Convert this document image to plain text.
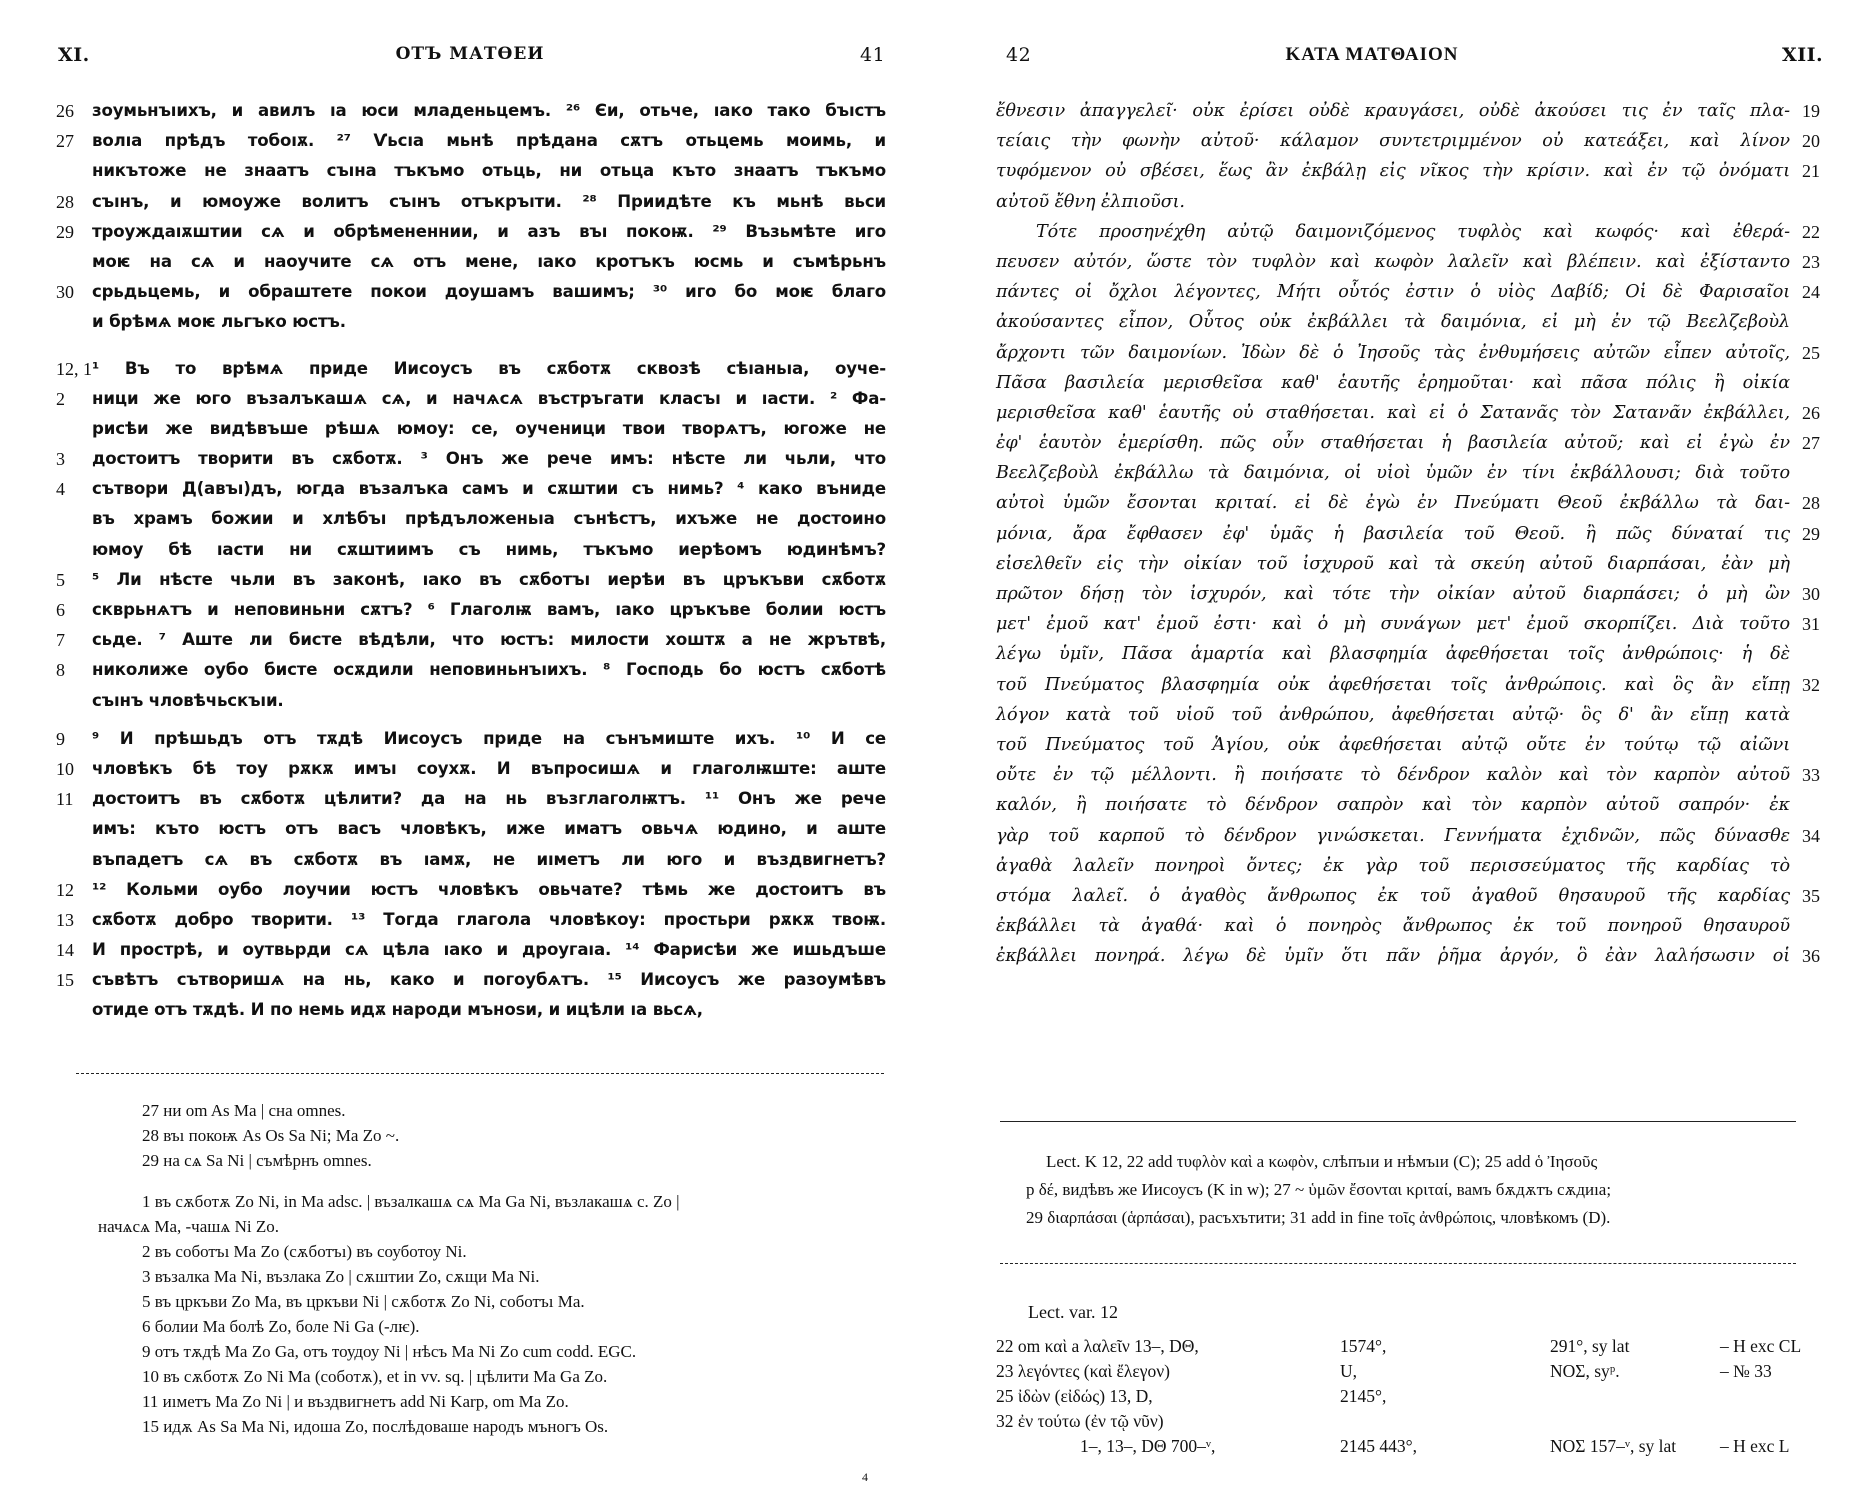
XI.	ОТЪ МАТѲЕИ	41
26	зоумьнъıихъ, и авилъ ıа юси младеньцемъ. ²⁶ Єи, отьче, ıако тако бъıстъ
27	волıа прѣдъ тобоıѫ. ²⁷ Ѵьсıа мьнѣ прѣдана сѫтъ отьцемь моимь, и
никътоже не знаатъ съıна тъкъмо отьць, ни отьца къто знаатъ тъкъмо
28	съıнъ, и юмоуже волитъ съıнъ отъкръıти. ²⁸ Приидѣте къ мьнѣ вьси
29	троуждаıѫштии сѧ и обрѣмененнии, и азъ въı покоѭ. ²⁹ Възьмѣте иго
моѥ на сѧ и наоучите сѧ отъ мене, ıако кротъкъ юсмь и съмѣрьнъ
30	срьдьцемь, и обраштете покои доушамъ вашимъ; ³⁰ иго бо моѥ благо
и брѣмѧ моѥ льгъко юстъ.
12, 1 ¹ Въ то врѣмѧ приде Иисоусъ въ сѫботѫ сквозѣ сѣıаньıа, оучe-
2	ници же юго възалъкашѧ сѧ, и начѧсѧ въстръгати класъı и ıасти. ² Фа-
рисѣи же видѣвъше рѣшѧ юмоу: се, оученици твои творѧтъ, югоже не
3	достоитъ творити въ сѫботѫ. ³ Онъ же рече имъ: нѣсте ли чьли, что
4	сътвори Д(авъı)дъ, югда възалъка самъ и сѫштии съ нимь? ⁴ како вънидe
въ храмъ божии и хлѣбъı прѣдъложеньıа сънѣстъ, ихъже не достоино
юмоу бѣ ıасти ни сѫштиимъ съ нимь, тъкъмо иерѣомъ юдинѣмъ?
5	⁵ Ли нѣсте чьли въ законѣ, ıако въ сѫботъı иерѣи въ цръкъви сѫботѫ
6	скврьнѧтъ и неповиньни сѫтъ? ⁶ Глаголѭ вамъ, ıако цръкъве болии юстъ
7	сьде. ⁷ Аште ли бисте вѣдѣли, что юстъ: милости хоштѫ а не жрътвѣ,
8	николиже оубо бисте осѫдили неповиньнъıихъ. ⁸ Господь бо юстъ сѫботѣ
съıнъ чловѣчьскъıи.
9	⁹ И прѣшьдъ отъ тѫдѣ Иисоусъ приде на сънъмиште ихъ. ¹⁰ И се
10	чловѣкъ бѣ тоу рѫкѫ имъı соухѫ. И въпросишѧ и глаголѭште: аште
11	достоитъ въ сѫботѫ цѣлити? да на нь възглаголѭтъ. ¹¹ Онъ же рече
имъ: къто юстъ отъ васъ чловѣкъ, иже иматъ овьчѧ юдино, и аште
въпадетъ сѧ въ сѫботѫ въ ıамѫ, не иıметъ ли юго и въздвигнетъ?
12	¹² Кольми оубо лоучии юстъ чловѣкъ овьчате? тѣмь же достоитъ въ
13	сѫботѫ добро творити. ¹³ Тогда глагола чловѣкоу: простьри рѫкѫ твоѭ.
14	И прострѣ, и оутвьрди сѧ цѣла ıако и дроугаıа. ¹⁴ Фарисѣи же ишьдъше
15	съвѣтъ сътворишѧ на нь, како и погоубѧтъ. ¹⁵ Иисоусъ же разоумѣвъ
отиде отъ тѫдѣ. И по немь идѫ народи мъноѕи, и ицѣли ıа вьсѧ,
27 ни om As Ma | сна omnes.
28 въı покоѭ As Os Sa Ni; Ma Zo ~.
29 на сѧ Sa Ni | съмѣрнъ omnes.
1 въ сѫботѫ Zo Ni, in Ma adsc. | възалкашѧ сѧ Ma Ga Ni, възлакашѧ с. Zo |
начѧсѧ Ma, -чашѧ Ni Zo.
2 въ соботъı Ma Zo (сѫботъı) въ соуботоу Ni.
3 възалка Ma Ni, възлака Zo | сѫштии Zo, сѫщи Ma Ni.
5 въ цркъви Zo Ma, въ цркъви Ni | сѫботѫ Zo Ni, соботъı Ma.
6 болии Ma болѣ Zo, боле Ni Ga (-лѥ).
9 отъ тѫдѣ Ma Zo Ga, отъ тоудоу Ni | нѣсъ Ma Ni Zo cum codd. EGC.
10 въ сѫботѫ Zo Ni Ma (соботѫ), et in vv. sq. | цѣлити Ma Ga Zo.
11 иıметъ Ma Zo Ni | и въздвигнетъ add Ni Karp, om Ma Zo.
15 идѫ As Sa Ma Ni, идоша Zo, послѣдоваше народъ мъногъ Os.
4
42	ΚΑΤΑ ΜΑΤΘΑΙΟΝ	XII.
ἔθνεσιν ἀπαγγελεῖ· οὐκ ἐρίσει οὐδὲ κραυγάσει, οὐδὲ ἀκούσει τις ἐν ταῖς πλα- 19
τείαις τὴν φωνὴν αὐτοῦ· κάλαμον συντετριμμένον οὐ κατεάξει, καὶ λίνον 20
τυφόμενον οὐ σβέσει, ἕως ἂν ἐκβάλῃ εἰς νῖκος τὴν κρίσιν. καὶ ἐν τῷ ὀνόματι 21
αὐτοῦ ἔθνη ἐλπιοῦσι.
Τότε προσηνέχθη αὐτῷ δαιμονιζόμενος τυφλὸς καὶ κωφός· καὶ ἐθερά- 22
πευσεν αὐτόν, ὥστε τὸν τυφλὸν καὶ κωφὸν λαλεῖν καὶ βλέπειν. καὶ ἐξίσταντο 23
πάντες οἱ ὄχλοι λέγοντες, Μήτι οὗτός ἐστιν ὁ υἱὸς Δαβίδ; Οἱ δὲ Φαρισαῖοι 24
ἀκούσαντες εἶπον, Οὗτος οὐκ ἐκβάλλει τὰ δαιμόνια, εἰ μὴ ἐν τῷ Βεελζεβοὺλ
ἄρχοντι τῶν δαιμονίων. Ἰδὼν δὲ ὁ Ἰησοῦς τὰς ἐνθυμήσεις αὐτῶν εἶπεν αὐτοῖς, 25
Πᾶσα βασιλεία μερισθεῖσα καθ' ἑαυτῆς ἐρημοῦται· καὶ πᾶσα πόλις ἢ οἰκία
μερισθεῖσα καθ' ἑαυτῆς οὐ σταθήσεται. καὶ εἰ ὁ Σατανᾶς τὸν Σατανᾶν ἐκβάλλει, 26
ἐφ' ἑαυτὸν ἐμερίσθη. πῶς οὖν σταθήσεται ἡ βασιλεία αὐτοῦ; καὶ εἰ ἐγὼ ἐν 27
Βεελζεβοὺλ ἐκβάλλω τὰ δαιμόνια, οἱ υἱοὶ ὑμῶν ἐν τίνι ἐκβάλλουσι; διὰ τοῦτο
αὐτοὶ ὑμῶν ἔσονται κριταί. εἰ δὲ ἐγὼ ἐν Πνεύματι Θεοῦ ἐκβάλλω τὰ δαι- 28
μόνια, ἄρα ἔφθασεν ἐφ' ὑμᾶς ἡ βασιλεία τοῦ Θεοῦ. ἢ πῶς δύναταί τις 29
εἰσελθεῖν εἰς τὴν οἰκίαν τοῦ ἰσχυροῦ καὶ τὰ σκεύη αὐτοῦ διαρπάσαι, ἐὰν μὴ
πρῶτον δήσῃ τὸν ἰσχυρόν, καὶ τότε τὴν οἰκίαν αὐτοῦ διαρπάσει; ὁ μὴ ὢν 30
μετ' ἐμοῦ κατ' ἐμοῦ ἐστι· καὶ ὁ μὴ συνάγων μετ' ἐμοῦ σκορπίζει. Διὰ τοῦτο 31
λέγω ὑμῖν, Πᾶσα ἁμαρτία καὶ βλασφημία ἀφεθήσεται τοῖς ἀνθρώποις· ἡ δὲ
τοῦ Πνεύματος βλασφημία οὐκ ἀφεθήσεται τοῖς ἀνθρώποις. καὶ ὃς ἂν εἴπῃ 32
λόγον κατὰ τοῦ υἱοῦ τοῦ ἀνθρώπου, ἀφεθήσεται αὐτῷ· ὃς δ' ἂν εἴπῃ κατὰ
τοῦ Πνεύματος τοῦ Ἁγίου, οὐκ ἀφεθήσεται αὐτῷ οὔτε ἐν τούτῳ τῷ αἰῶνι
οὔτε ἐν τῷ μέλλοντι. ἢ ποιήσατε τὸ δένδρον καλὸν καὶ τὸν καρπὸν αὐτοῦ 33
καλόν, ἢ ποιήσατε τὸ δένδρον σαπρὸν καὶ τὸν καρπὸν αὐτοῦ σαπρόν· ἐκ
γὰρ τοῦ καρποῦ τὸ δένδρον γινώσκεται. Γεννήματα ἐχιδνῶν, πῶς δύνασθε 34
ἀγαθὰ λαλεῖν πονηροὶ ὄντες; ἐκ γὰρ τοῦ περισσεύματος τῆς καρδίας τὸ
στόμα λαλεῖ. ὁ ἀγαθὸς ἄνθρωπος ἐκ τοῦ ἀγαθοῦ θησαυροῦ τῆς καρδίας 35
ἐκβάλλει τὰ ἀγαθά· καὶ ὁ πονηρὸς ἄνθρωπος ἐκ τοῦ πονηροῦ θησαυροῦ
ἐκβάλλει πονηρά. λέγω δὲ ὑμῖν ὅτι πᾶν ῥῆμα ἀργόν, ὃ ἐὰν λαλήσωσιν οἱ 36
Lect. K 12, 22 add τυφλὸν καὶ a κωφὸν, слѣпъıи и нѣмъıи (C); 25 add ὁ Ἰησοῦς
p δέ, видѣвъ же Иисоусъ (K in w); 27 ~ ὑμῶν ἔσονται κριταί, вамъ бѫдѫтъ сѫдиıа;
29 διαρπάσαι (ἁρπάσαι), расъхътити; 31 add in fine τοῖς ἀνθρώποις, чловѣкомъ (D).
Lect. var. 12
22 om καὶ a λαλεῖν 13–, DΘ,	1574°,	291°, sy lat	– H exc CL
23 λεγόντες (καὶ ἔλεγον)	U,	ΝΟΣ, syᵖ.	– № 33
25 ἰδὼν (εἰδώς) 13, D,	2145°,
32 ἐν τούτω (ἐν τῷ νῦν)
1–, 13–, DΘ 700–ᵛ,	2145 443°,	ΝΟΣ 157–ᵛ, sy lat	– H exc L
